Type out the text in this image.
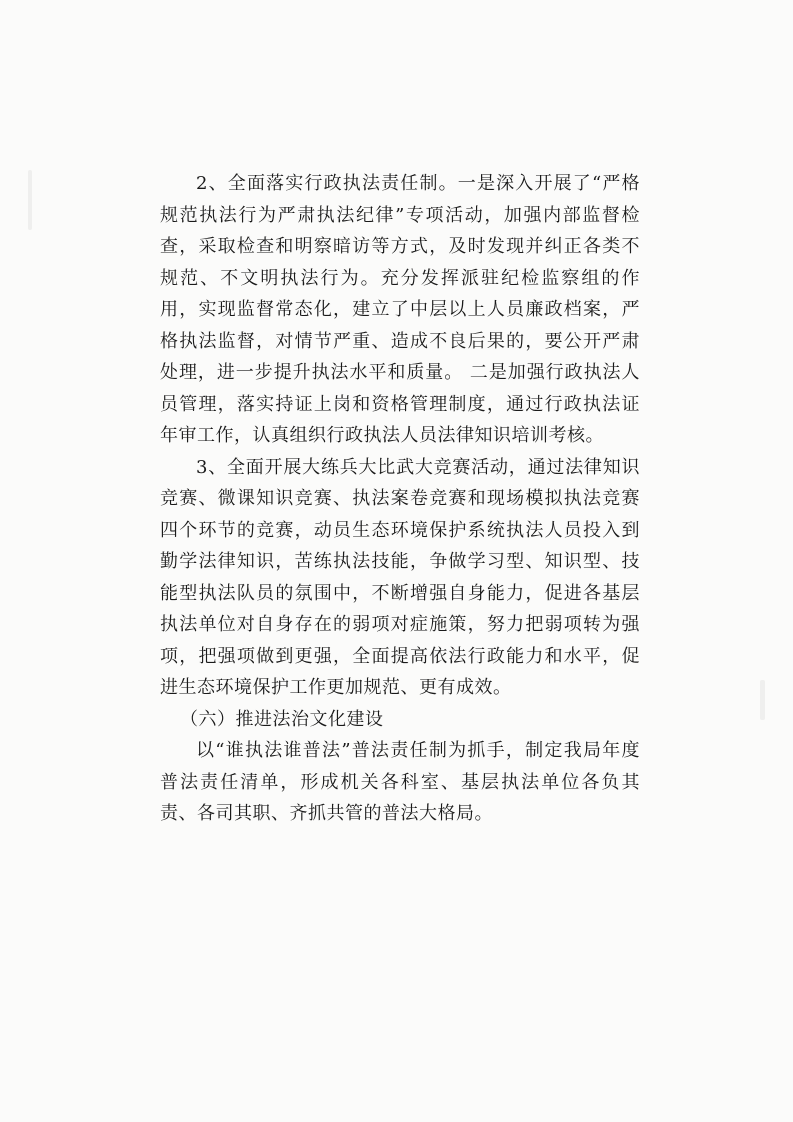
2、全面落实行政执法责任制。一是深入开展了“严格规范执法行为严肃执法纪律”专项活动，加强内部监督检查，采取检查和明察暗访等方式，及时发现并纠正各类不规范、不文明执法行为。充分发挥派驻纪检监察组的作用，实现监督常态化，建立了中层以上人员廉政档案，严格执法监督，对情节严重、造成不良后果的，要公开严肃处理，进一步提升执法水平和质量。 二是加强行政执法人员管理，落实持证上岗和资格管理制度，通过行政执法证年审工作，认真组织行政执法人员法律知识培训考核。

3、全面开展大练兵大比武大竞赛活动，通过法律知识竞赛、微课知识竞赛、执法案卷竞赛和现场模拟执法竞赛四个环节的竞赛，动员生态环境保护系统执法人员投入到勤学法律知识，苦练执法技能，争做学习型、知识型、技能型执法队员的氛围中，不断增强自身能力，促进各基层执法单位对自身存在的弱项对症施策，努力把弱项转为强项，把强项做到更强，全面提高依法行政能力和水平，促进生态环境保护工作更加规范、更有成效。

（六）推进法治文化建设

以“谁执法谁普法”普法责任制为抓手，制定我局年度普法责任清单，形成机关各科室、基层执法单位各负其责、各司其职、齐抓共管的普法大格局。
